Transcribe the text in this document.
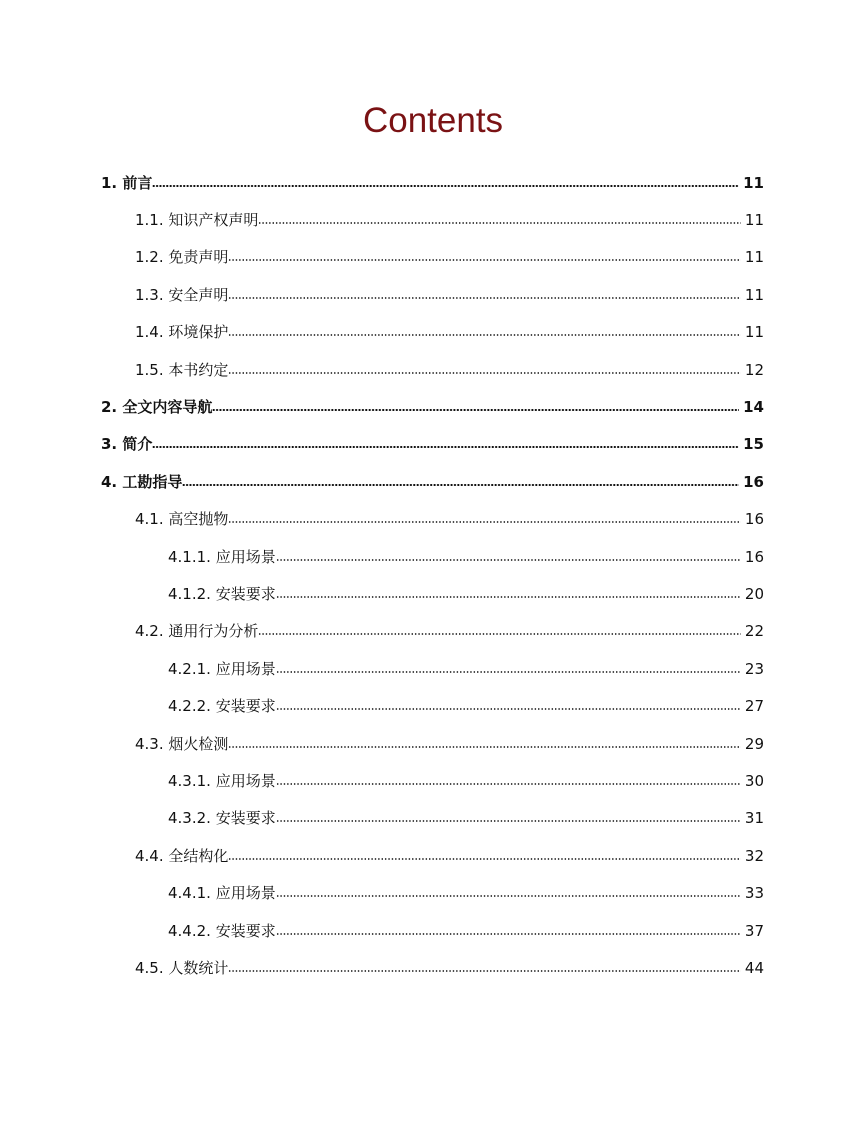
Contents
1. 前言	11
1.1. 知识产权声明	11
1.2. 免责声明	11
1.3. 安全声明	11
1.4. 环境保护	11
1.5. 本书约定	12
2. 全文内容导航	14
3. 简介	15
4. 工勘指导	16
4.1. 高空抛物	16
4.1.1. 应用场景	16
4.1.2. 安装要求	20
4.2. 通用行为分析	22
4.2.1. 应用场景	23
4.2.2. 安装要求	27
4.3. 烟火检测	29
4.3.1. 应用场景	30
4.3.2. 安装要求	31
4.4. 全结构化	32
4.4.1. 应用场景	33
4.4.2. 安装要求	37
4.5. 人数统计	44
